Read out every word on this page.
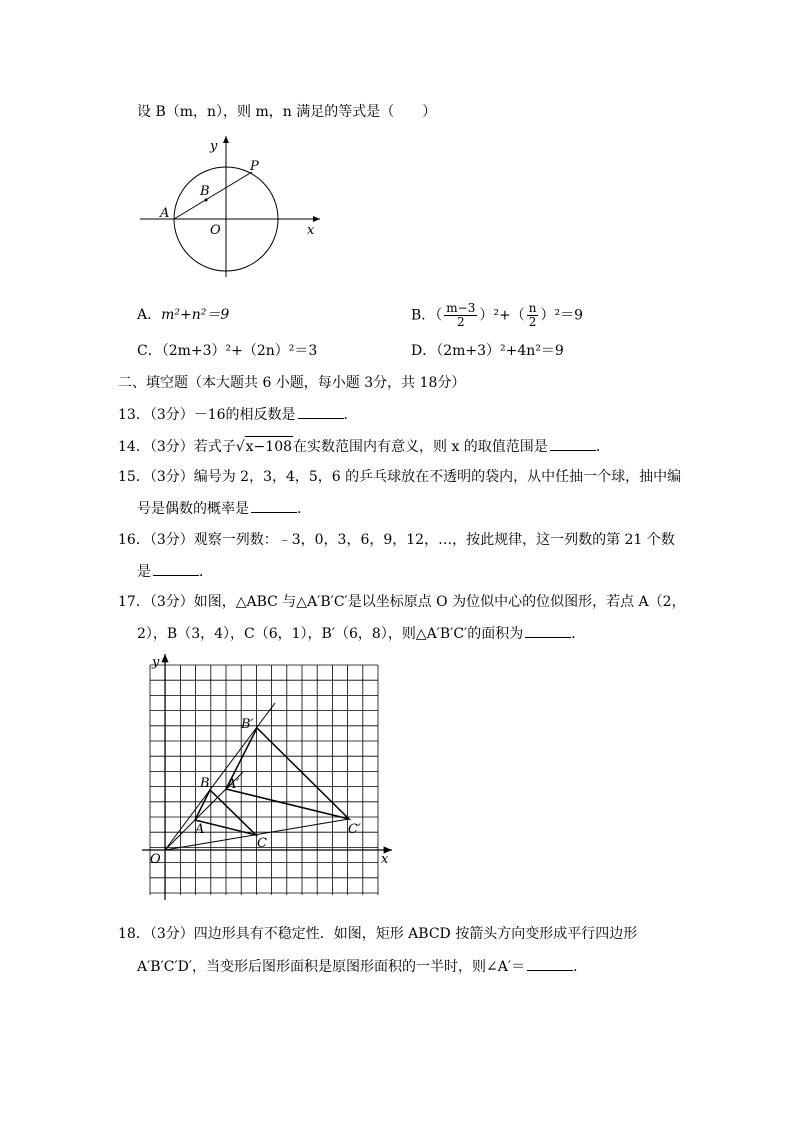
设 B（m，n），则 m，n 满足的等式是（　　）
y
P
B
A
O	x
A．m²+n²＝9	B．（ $\frac{m-3}{2} )^2+( \frac{n}{2} )^2=9$
C．（2m+3）²+（2n）²＝3	D．（2m+3）²+4n²＝9
二、填空题（本大题共 6 小题，每小题 3分，共 18分）
13．（3分）－16的相反数是	．
14．（3分）若式子√x−108在实数范围内有意义，则 x 的取值范围是	．
15．（3分）编号为 2，3，4，5，6 的乒乓球放在不透明的袋内，从中任抽一个球，抽中编
号是偶数的概率是	．
16．（3分）观察一列数：﹣3，0，3，6，9，12，…，按此规律，这一列数的第 21 个数
是	．
17．（3分）如图，△ABC 与△A′B′C′是以坐标原点 O 为位似中心的位似图形，若点 A（2，
2），B（3，4），C（6，1），B′（6，8），则△A′B′C′的面积为	．
y
x
O
A
B
C
A′
B′
C′
18．（3分）四边形具有不稳定性．如图，矩形 ABCD 按箭头方向变形成平行四边形
A′B′C′D′，当变形后图形面积是原图形面积的一半时，则∠A′＝	．
